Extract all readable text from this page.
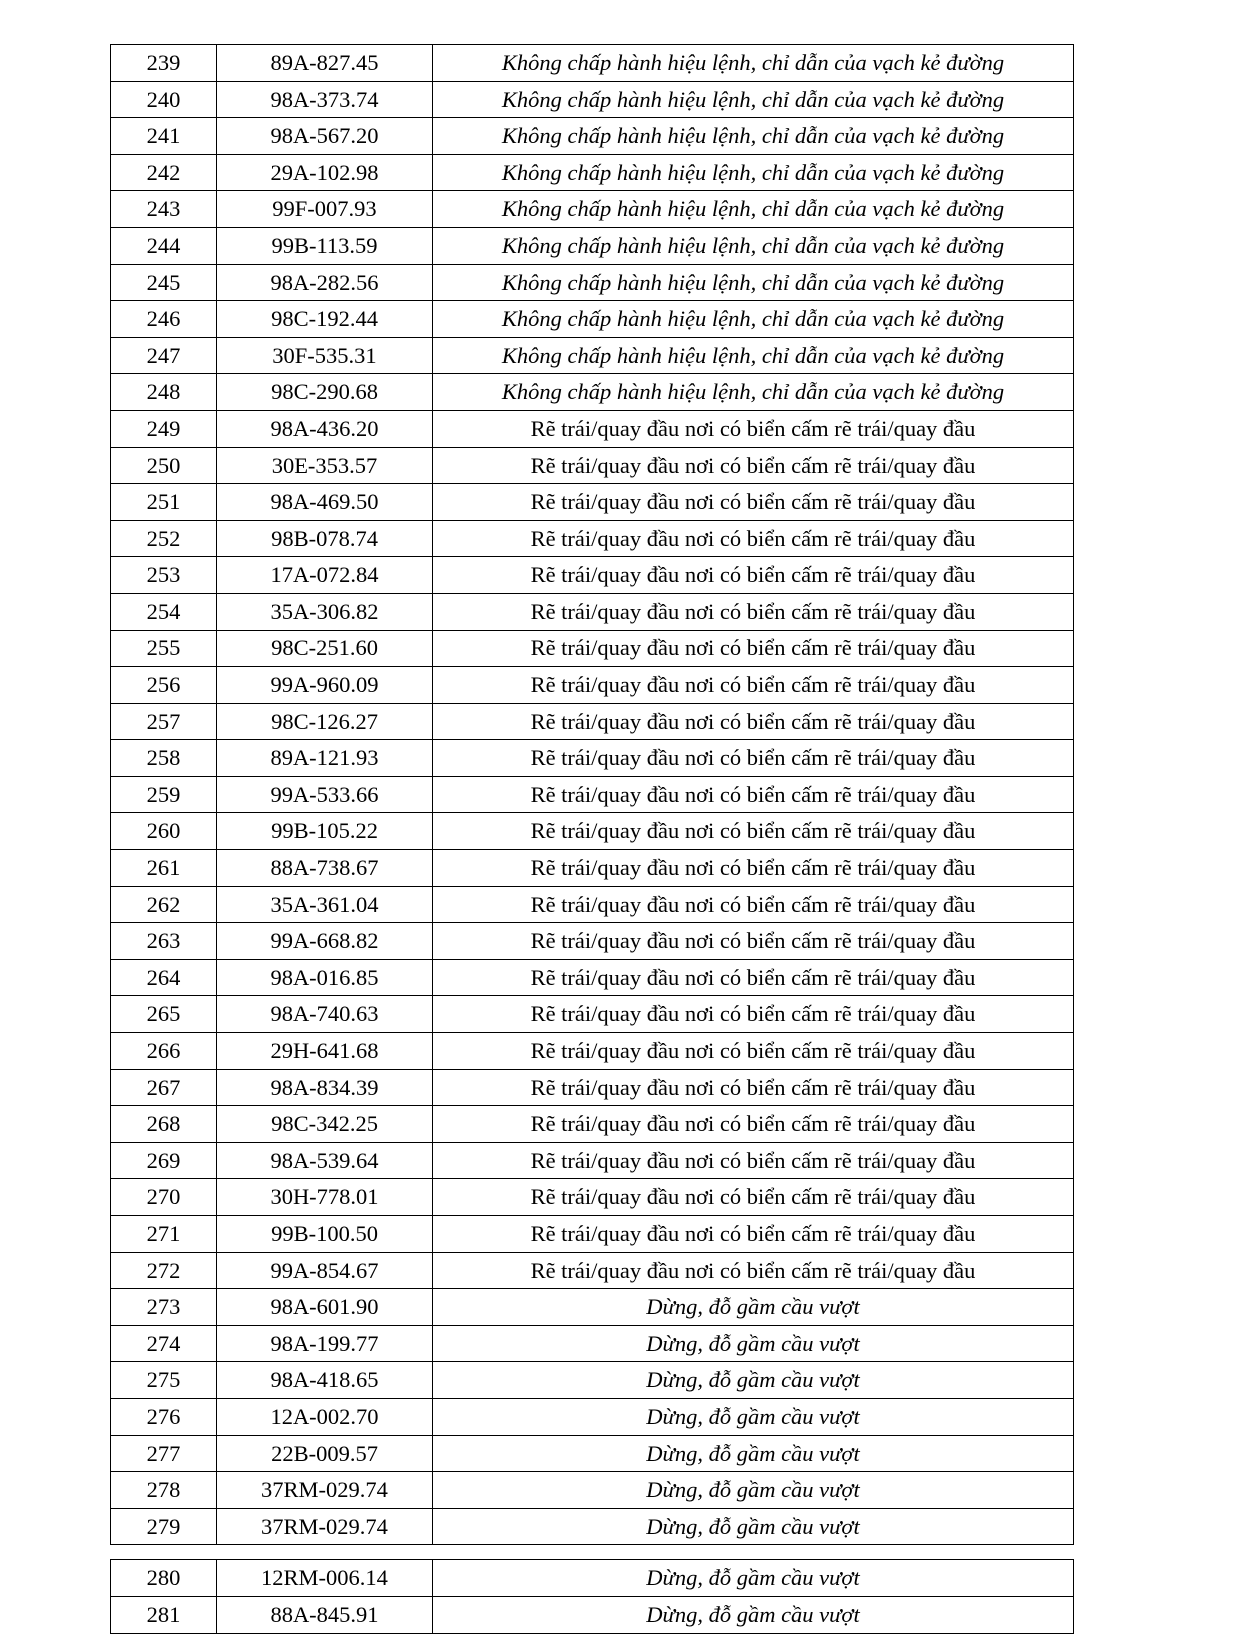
239	89A-827.45	Không chấp hành hiệu lệnh, chỉ dẫn của vạch kẻ đường
240	98A-373.74	Không chấp hành hiệu lệnh, chỉ dẫn của vạch kẻ đường
241	98A-567.20	Không chấp hành hiệu lệnh, chỉ dẫn của vạch kẻ đường
242	29A-102.98	Không chấp hành hiệu lệnh, chỉ dẫn của vạch kẻ đường
243	99F-007.93	Không chấp hành hiệu lệnh, chỉ dẫn của vạch kẻ đường
244	99B-113.59	Không chấp hành hiệu lệnh, chỉ dẫn của vạch kẻ đường
245	98A-282.56	Không chấp hành hiệu lệnh, chỉ dẫn của vạch kẻ đường
246	98C-192.44	Không chấp hành hiệu lệnh, chỉ dẫn của vạch kẻ đường
247	30F-535.31	Không chấp hành hiệu lệnh, chỉ dẫn của vạch kẻ đường
248	98C-290.68	Không chấp hành hiệu lệnh, chỉ dẫn của vạch kẻ đường
249	98A-436.20	Rẽ trái/quay đầu nơi có biển cấm rẽ trái/quay đầu
250	30E-353.57	Rẽ trái/quay đầu nơi có biển cấm rẽ trái/quay đầu
251	98A-469.50	Rẽ trái/quay đầu nơi có biển cấm rẽ trái/quay đầu
252	98B-078.74	Rẽ trái/quay đầu nơi có biển cấm rẽ trái/quay đầu
253	17A-072.84	Rẽ trái/quay đầu nơi có biển cấm rẽ trái/quay đầu
254	35A-306.82	Rẽ trái/quay đầu nơi có biển cấm rẽ trái/quay đầu
255	98C-251.60	Rẽ trái/quay đầu nơi có biển cấm rẽ trái/quay đầu
256	99A-960.09	Rẽ trái/quay đầu nơi có biển cấm rẽ trái/quay đầu
257	98C-126.27	Rẽ trái/quay đầu nơi có biển cấm rẽ trái/quay đầu
258	89A-121.93	Rẽ trái/quay đầu nơi có biển cấm rẽ trái/quay đầu
259	99A-533.66	Rẽ trái/quay đầu nơi có biển cấm rẽ trái/quay đầu
260	99B-105.22	Rẽ trái/quay đầu nơi có biển cấm rẽ trái/quay đầu
261	88A-738.67	Rẽ trái/quay đầu nơi có biển cấm rẽ trái/quay đầu
262	35A-361.04	Rẽ trái/quay đầu nơi có biển cấm rẽ trái/quay đầu
263	99A-668.82	Rẽ trái/quay đầu nơi có biển cấm rẽ trái/quay đầu
264	98A-016.85	Rẽ trái/quay đầu nơi có biển cấm rẽ trái/quay đầu
265	98A-740.63	Rẽ trái/quay đầu nơi có biển cấm rẽ trái/quay đầu
266	29H-641.68	Rẽ trái/quay đầu nơi có biển cấm rẽ trái/quay đầu
267	98A-834.39	Rẽ trái/quay đầu nơi có biển cấm rẽ trái/quay đầu
268	98C-342.25	Rẽ trái/quay đầu nơi có biển cấm rẽ trái/quay đầu
269	98A-539.64	Rẽ trái/quay đầu nơi có biển cấm rẽ trái/quay đầu
270	30H-778.01	Rẽ trái/quay đầu nơi có biển cấm rẽ trái/quay đầu
271	99B-100.50	Rẽ trái/quay đầu nơi có biển cấm rẽ trái/quay đầu
272	99A-854.67	Rẽ trái/quay đầu nơi có biển cấm rẽ trái/quay đầu
273	98A-601.90	Dừng, đỗ gầm cầu vượt
274	98A-199.77	Dừng, đỗ gầm cầu vượt
275	98A-418.65	Dừng, đỗ gầm cầu vượt
276	12A-002.70	Dừng, đỗ gầm cầu vượt
277	22B-009.57	Dừng, đỗ gầm cầu vượt
278	37RM-029.74	Dừng, đỗ gầm cầu vượt
279	37RM-029.74	Dừng, đỗ gầm cầu vượt
280	12RM-006.14	Dừng, đỗ gầm cầu vượt
281	88A-845.91	Dừng, đỗ gầm cầu vượt
